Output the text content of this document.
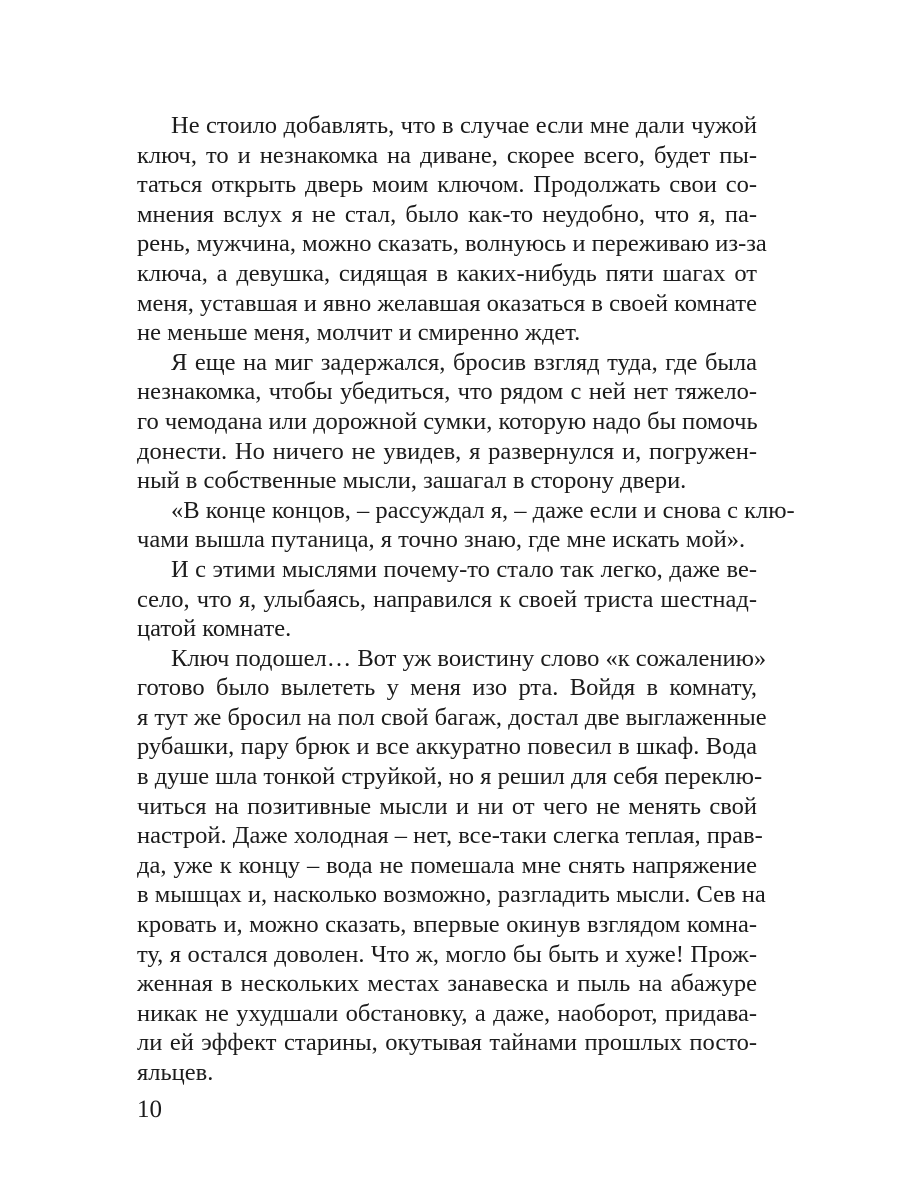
Не стоило добавлять, что в случае если мне дали чужой
ключ, то и незнакомка на диване, скорее всего, будет пы-
таться открыть дверь моим ключом. Продолжать свои со-
мнения вслух я не стал, было как-то неудобно, что я, па-
рень, мужчина, можно сказать, волнуюсь и переживаю из-за
ключа, а девушка, сидящая в каких-нибудь пяти шагах от
меня, уставшая и явно желавшая оказаться в своей комнате
не меньше меня, молчит и смиренно ждет.
Я еще на миг задержался, бросив взгляд туда, где была
незнакомка, чтобы убедиться, что рядом с ней нет тяжело-
го чемодана или дорожной сумки, которую надо бы помочь
донести. Но ничего не увидев, я развернулся и, погружен-
ный в собственные мысли, зашагал в сторону двери.
«В конце концов, – рассуждал я, – даже если и снова с клю-
чами вышла путаница, я точно знаю, где мне искать мой».
И с этими мыслями почему-то стало так легко, даже ве-
село, что я, улыбаясь, направился к своей триста шестнад-
цатой комнате.
Ключ подошел… Вот уж воистину слово «к сожалению»
готово было вылететь у меня изо рта. Войдя в комнату,
я тут же бросил на пол свой багаж, достал две выглаженные
рубашки, пару брюк и все аккуратно повесил в шкаф. Вода
в душе шла тонкой струйкой, но я решил для себя переклю-
читься на позитивные мысли и ни от чего не менять свой
настрой. Даже холодная – нет, все-таки слегка теплая, прав-
да, уже к концу – вода не помешала мне снять напряжение
в мышцах и, насколько возможно, разгладить мысли. Сев на
кровать и, можно сказать, впервые окинув взглядом комна-
ту, я остался доволен. Что ж, могло бы быть и хуже! Прож-
женная в нескольких местах занавеска и пыль на абажуре
никак не ухудшали обстановку, а даже, наоборот, придава-
ли ей эффект старины, окутывая тайнами прошлых посто-
яльцев.
10
